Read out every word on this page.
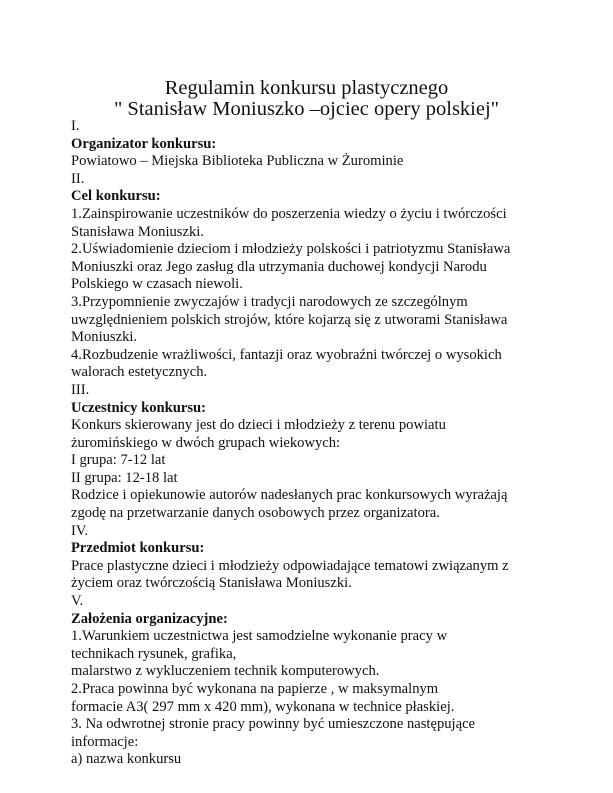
Regulamin konkursu plastycznego
" Stanisław Moniuszko –ojciec opery polskiej"
I.
Organizator konkursu:
Powiatowo – Miejska Biblioteka Publiczna w Żurominie
II.
Cel konkursu:
1.Zainspirowanie uczestników do poszerzenia wiedzy o życiu i twórczości
Stanisława Moniuszki.
2.Uświadomienie dzieciom i młodzieży polskości i patriotyzmu Stanisława
Moniuszki oraz Jego zasług dla utrzymania duchowej kondycji Narodu
Polskiego w czasach niewoli.
3.Przypomnienie zwyczajów i tradycji narodowych ze szczególnym
uwzględnieniem polskich strojów, które kojarzą się z utworami Stanisława
Moniuszki.
4.Rozbudzenie wrażliwości, fantazji oraz wyobraźni twórczej o wysokich
walorach estetycznych.
III.
Uczestnicy konkursu:
Konkurs skierowany jest do dzieci i młodzieży z terenu powiatu
żuromińskiego w dwóch grupach wiekowych:
I grupa: 7-12 lat
II grupa: 12-18 lat
Rodzice i opiekunowie autorów nadesłanych prac konkursowych wyrażają
zgodę na przetwarzanie danych osobowych przez organizatora.
IV.
Przedmiot konkursu:
Prace plastyczne dzieci i młodzieży odpowiadające tematowi związanym z
życiem oraz twórczością Stanisława Moniuszki.
V.
Założenia organizacyjne:
1.Warunkiem uczestnictwa jest samodzielne wykonanie pracy w
technikach rysunek, grafika,
malarstwo z wykluczeniem technik komputerowych.
2.Praca powinna być wykonana na papierze , w maksymalnym
formacie A3( 297 mm x 420 mm), wykonana w technice płaskiej.
3. Na odwrotnej stronie pracy powinny być umieszczone następujące
informacje:
a) nazwa konkursu
